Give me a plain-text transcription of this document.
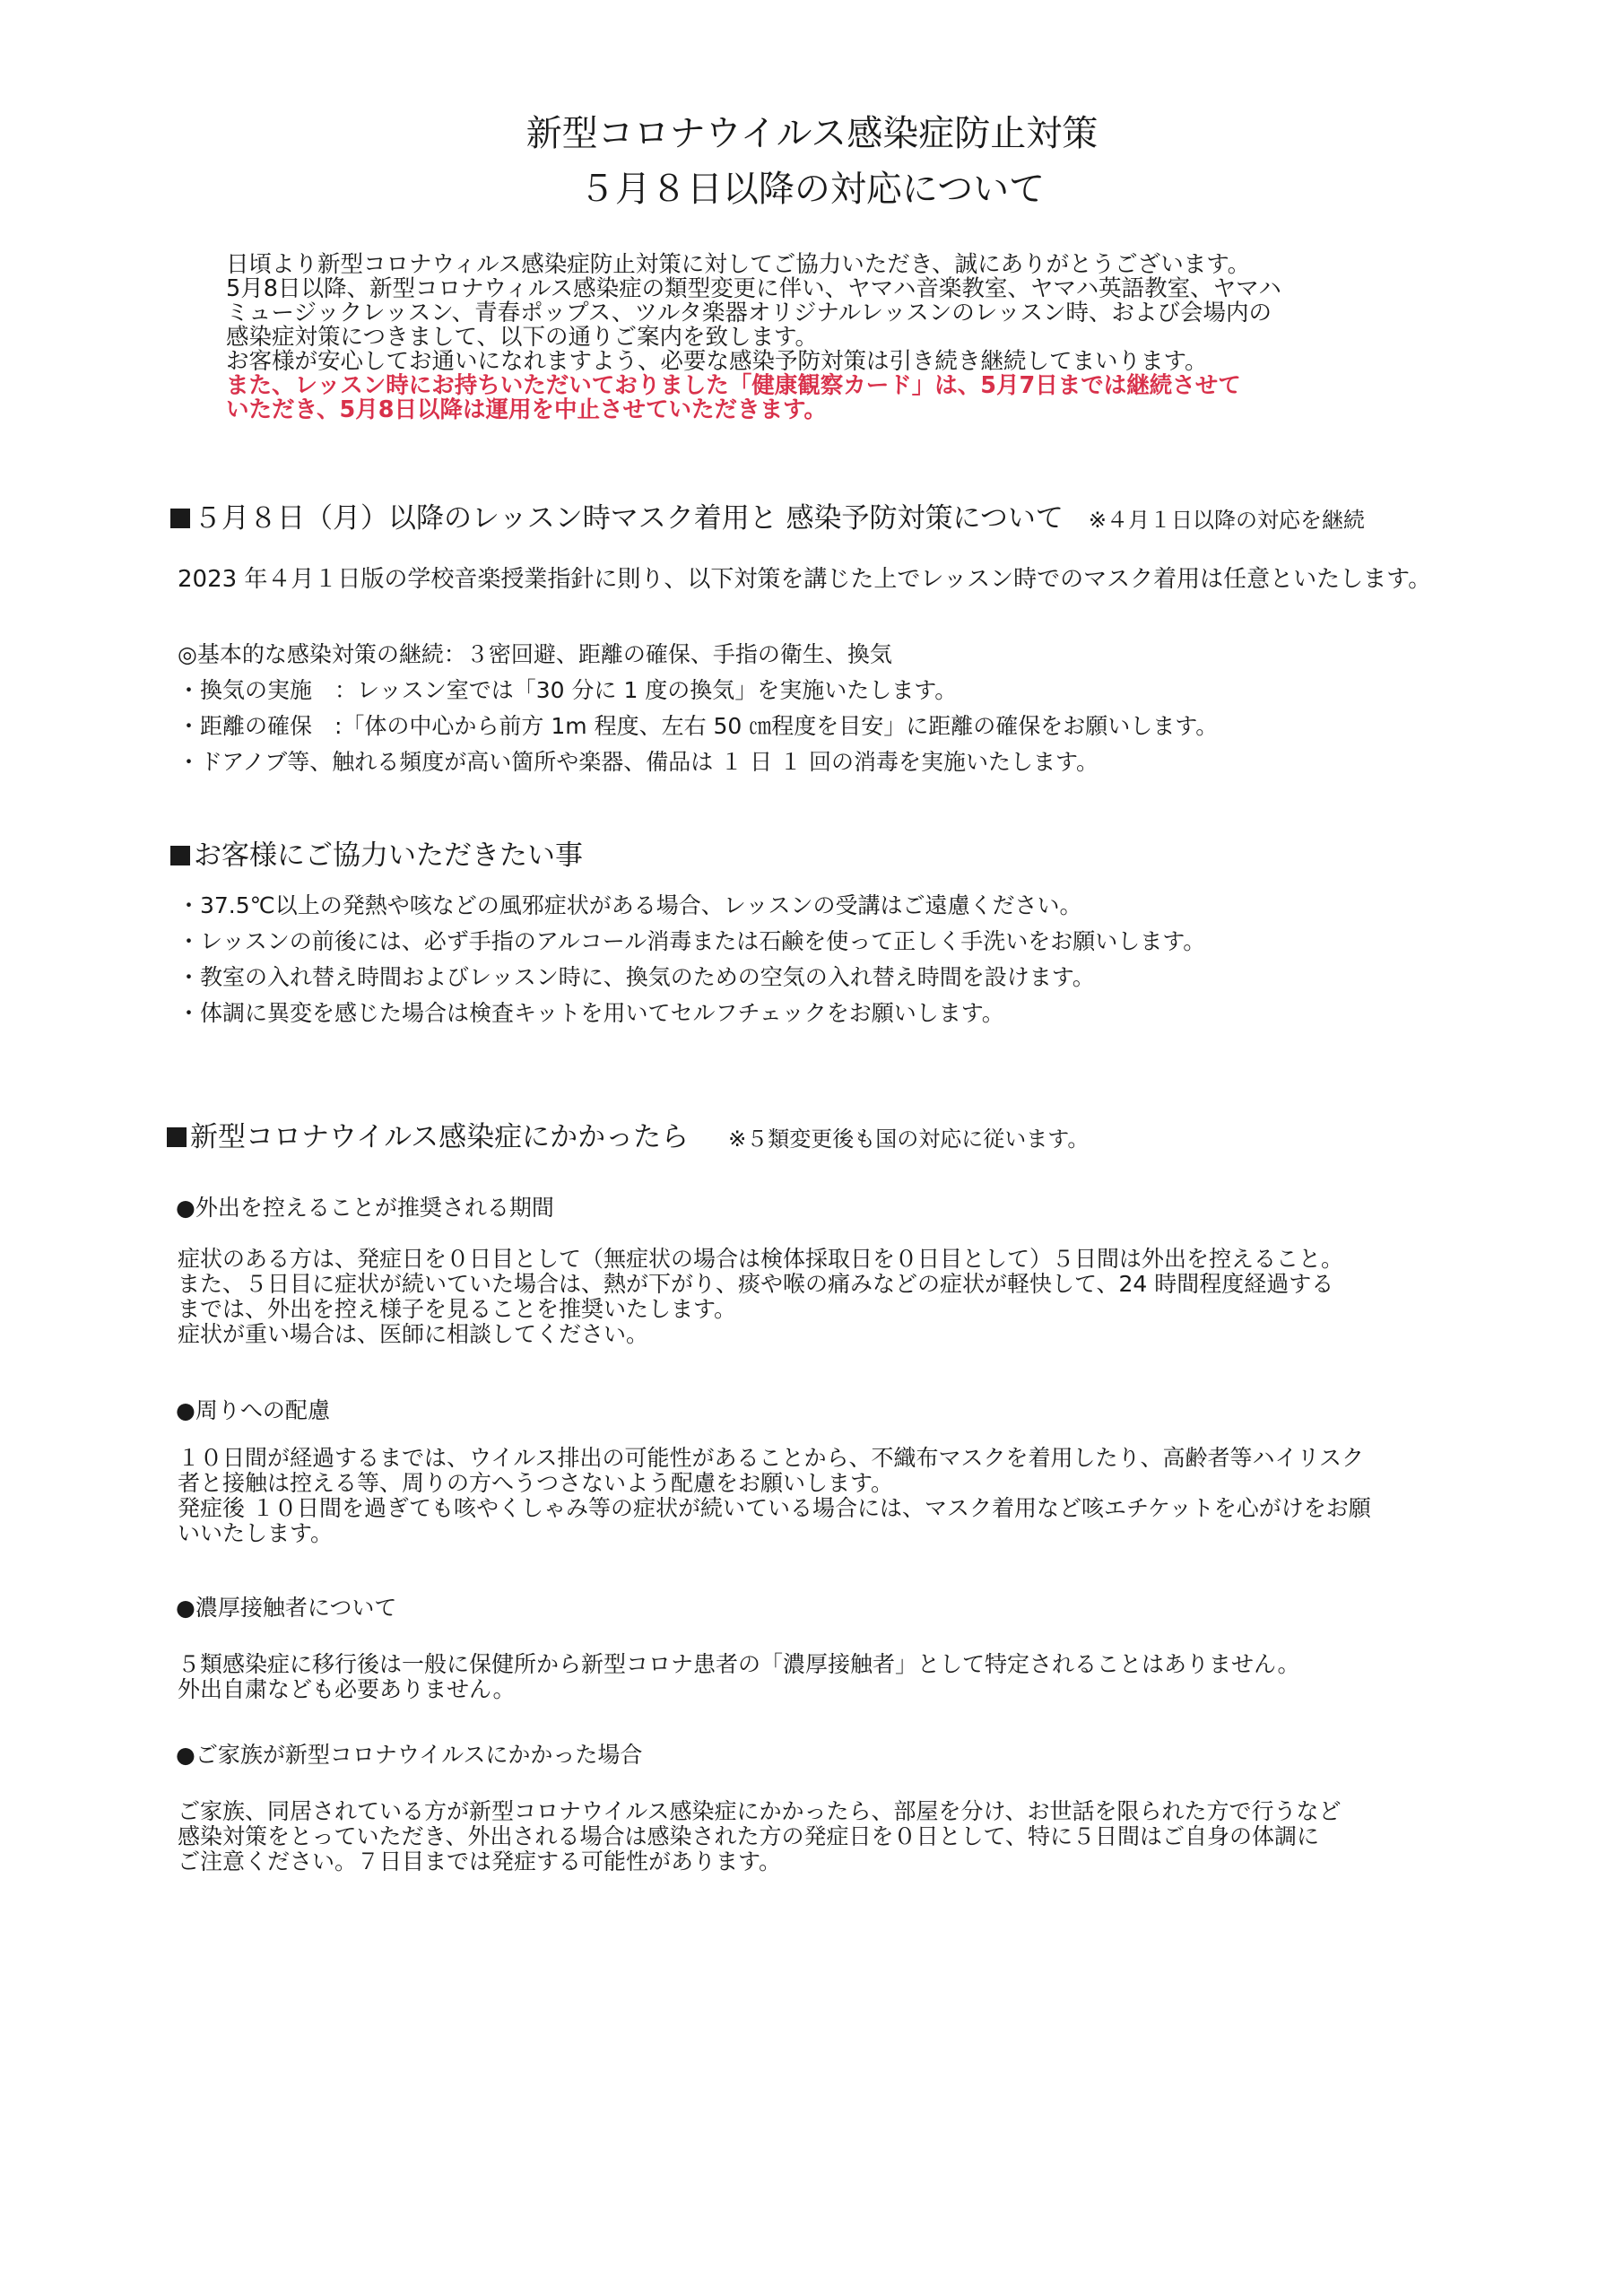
新型コロナウイルス感染症防止対策
５月８日以降の対応について
日頃より新型コロナウィルス感染症防止対策に対してご協力いただき、誠にありがとうございます。
5月8日以降、新型コロナウィルス感染症の類型変更に伴い、ヤマハ音楽教室、ヤマハ英語教室、ヤマハ
ミュージックレッスン、青春ポップス、ツルタ楽器オリジナルレッスンのレッスン時、および会場内の
感染症対策につきまして、以下の通りご案内を致します。
お客様が安心してお通いになれますよう、必要な感染予防対策は引き続き継続してまいります。
また、レッスン時にお持ちいただいておりました「健康観察カード」は、5月7日までは継続させて
いただき、5月8日以降は運用を中止させていただきます。
５月８日（月）以降のレッスン時マスク着用と 感染予防対策について ※４月１日以降の対応を継続
2023 年４月１日版の学校音楽授業指針に則り、以下対策を講じた上でレッスン時でのマスク着用は任意といたします。
◎基本的な感染対策の継続：３密回避、距離の確保、手指の衛生、換気
・換気の実施　：レッスン室では「30 分に 1 度の換気」を実施いたします。
・距離の確保　:「体の中心から前方 1m 程度、左右 50 ㎝程度を目安」に距離の確保をお願いします。
・ドアノブ等、触れる頻度が高い箇所や楽器、備品は １ 日 １ 回の消毒を実施いたします。
お客様にご協力いただきたい事
・37.5℃以上の発熱や咳などの風邪症状がある場合、レッスンの受講はご遠慮ください。
・レッスンの前後には、必ず手指のアルコール消毒または石鹸を使って正しく手洗いをお願いします。
・教室の入れ替え時間およびレッスン時に、換気のための空気の入れ替え時間を設けます。
・体調に異変を感じた場合は検査キットを用いてセルフチェックをお願いします。
新型コロナウイルス感染症にかかったら ※５類変更後も国の対応に従います。
●外出を控えることが推奨される期間
症状のある方は、発症日を０日目として（無症状の場合は検体採取日を０日目として）５日間は外出を控えること。
また、５日目に症状が続いていた場合は、熱が下がり、痰や喉の痛みなどの症状が軽快して、24 時間程度経過する
までは、外出を控え様子を見ることを推奨いたします。
症状が重い場合は、医師に相談してください。
●周りへの配慮
１０日間が経過するまでは、ウイルス排出の可能性があることから、不織布マスクを着用したり、高齢者等ハイリスク
者と接触は控える等、周りの方へうつさないよう配慮をお願いします。
発症後 １０日間を過ぎても咳やくしゃみ等の症状が続いている場合には、マスク着用など咳エチケットを心がけをお願
いいたします。
●濃厚接触者について
５類感染症に移行後は一般に保健所から新型コロナ患者の「濃厚接触者」として特定されることはありません。
外出自粛なども必要ありません。
●ご家族が新型コロナウイルスにかかった場合
ご家族、同居されている方が新型コロナウイルス感染症にかかったら、部屋を分け、お世話を限られた方で行うなど
感染対策をとっていただき、外出される場合は感染された方の発症日を０日として、特に５日間はご自身の体調に
ご注意ください。７日目までは発症する可能性があります。
